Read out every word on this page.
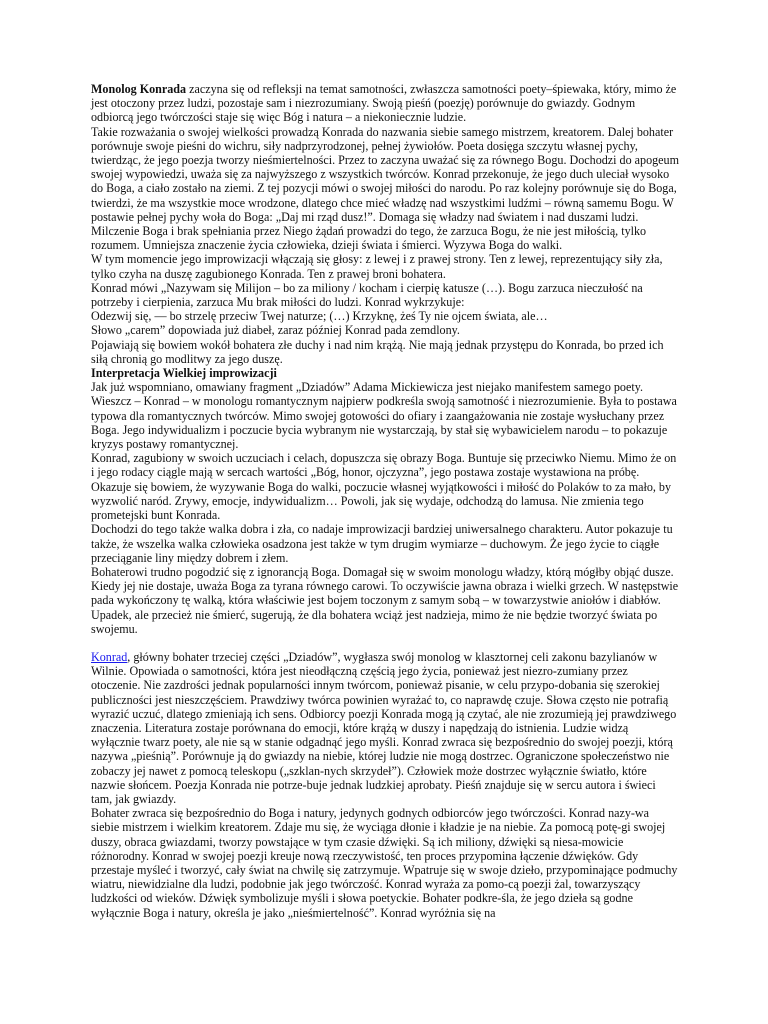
Monolog Konrada zaczyna się od refleksji na temat samotności, zwłaszcza samotności poety–śpiewaka, który, mimo że jest otoczony przez ludzi, pozostaje sam i niezrozumiany. Swoją pieśń (poezję) porównuje do gwiazdy. Godnym odbiorcą jego twórczości staje się więc Bóg i natura – a niekoniecznie ludzie.

Takie rozważania o swojej wielkości prowadzą Konrada do nazwania siebie samego mistrzem, kreatorem. Dalej bohater porównuje swoje pieśni do wichru, siły nadprzyrodzonej, pełnej żywiołów. Poeta dosięga szczytu własnej pychy, twierdząc, że jego poezja tworzy nieśmiertelności. Przez to zaczyna uważać się za równego Bogu. Dochodzi do apogeum swojej wypowiedzi, uważa się za najwyższego z wszystkich twórców. Konrad przekonuje, że jego duch uleciał wysoko do Boga, a ciało zostało na ziemi. Z tej pozycji mówi o swojej miłości do narodu. Po raz kolejny porównuje się do Boga, twierdzi, że ma wszystkie moce wrodzone, dlatego chce mieć władzę nad wszystkimi ludźmi – równą samemu Bogu. W postawie pełnej pychy woła do Boga: „Daj mi rząd dusz!”. Domaga się władzy nad światem i nad duszami ludzi. Milczenie Boga i brak spełniania przez Niego żądań prowadzi do tego, że zarzuca Bogu, że nie jest miłością, tylko rozumem. Umniejsza znaczenie życia człowieka, dzieji świata i śmierci. Wyzywa Boga do walki.

W tym momencie jego improwizacji włączają się głosy: z lewej i z prawej strony. Ten z lewej, reprezentujący siły zła, tylko czyha na duszę zagubionego Konrada. Ten z prawej broni bohatera.

Konrad mówi „Nazywam się Milijon – bo za miliony / kocham i cierpię katusze (…). Bogu zarzuca nieczułość na potrzeby i cierpienia, zarzuca Mu brak miłości do ludzi. Konrad wykrzykuje:

Odezwij się, — bo strzelę przeciw Twej naturze; (…) Krzyknę, żeś Ty nie ojcem świata, ale…

Słowo „carem” dopowiada już diabeł, zaraz później Konrad pada zemdlony.

Pojawiają się bowiem wokół bohatera złe duchy i nad nim krążą. Nie mają jednak przystępu do Konrada, bo przed ich siłą chronią go modlitwy za jego duszę.

Interpretacja Wielkiej improwizacji

Jak już wspomniano, omawiany fragment „Dziadów” Adama Mickiewicza jest niejako manifestem samego poety. Wieszcz – Konrad – w monologu romantycznym najpierw podkreśla swoją samotność i niezrozumienie. Była to postawa typowa dla romantycznych twórców. Mimo swojej gotowości do ofiary i zaangażowania nie zostaje wysłuchany przez Boga. Jego indywidualizm i poczucie bycia wybranym nie wystarczają, by stał się wybawicielem narodu – to pokazuje kryzys postawy romantycznej.

Konrad, zagubiony w swoich uczuciach i celach, dopuszcza się obrazy Boga. Buntuje się przeciwko Niemu. Mimo że on i jego rodacy ciągle mają w sercach wartości „Bóg, honor, ojczyzna”, jego postawa zostaje wystawiona na próbę. Okazuje się bowiem, że wyzywanie Boga do walki, poczucie własnej wyjątkowości i miłość do Polaków to za mało, by wyzwolić naród. Zrywy, emocje, indywidualizm… Powoli, jak się wydaje, odchodzą do lamusa. Nie zmienia tego prometejski bunt Konrada.

Dochodzi do tego także walka dobra i zła, co nadaje improwizacji bardziej uniwersalnego charakteru. Autor pokazuje tu także, że wszelka walka człowieka osadzona jest także w tym drugim wymiarze – duchowym. Że jego życie to ciągłe przeciąganie liny między dobrem i złem.

Bohaterowi trudno pogodzić się z ignorancją Boga. Domagał się w swoim monologu władzy, którą mógłby objąć dusze. Kiedy jej nie dostaje, uważa Boga za tyrana równego carowi. To oczywiście jawna obraza i wielki grzech. W następstwie pada wykończony tę walką, która właściwie jest bojem toczonym z samym sobą – w towarzystwie aniołów i diabłów. Upadek, ale przecież nie śmierć, sugerują, że dla bohatera wciąż jest nadzieja, mimo że nie będzie tworzyć świata po swojemu.

Konrad, główny bohater trzeciej części „Dziadów”, wygłasza swój monolog w klasztornej celi zakonu bazylianów w Wilnie. Opowiada o samotności, która jest nieodłączną częścią jego życia, ponieważ jest niezro-zumiany przez otoczenie. Nie zazdrości jednak popularności innym twórcom, ponieważ pisanie, w celu przypo-dobania się szerokiej publiczności jest nieszczęściem. Prawdziwy twórca powinien wyrażać to, co naprawdę czuje. Słowa często nie potrafią wyrazić uczuć, dlatego zmieniają ich sens. Odbiorcy poezji Konrada mogą ją czytać, ale nie zrozumieją jej prawdziwego znaczenia. Literatura zostaje porównana do emocji, które krążą w duszy i napędzają do istnienia. Ludzie widzą wyłącznie twarz poety, ale nie są w stanie odgadnąć jego myśli. Konrad zwraca się bezpośrednio do swojej poezji, którą nazywa „pieśnią”. Porównuje ją do gwiazdy na niebie, której ludzie nie mogą dostrzec. Ograniczone społeczeństwo nie zobaczy jej nawet z pomocą teleskopu („szklan-nych skrzydeł”). Człowiek może dostrzec wyłącznie światło, które nazwie słońcem. Poezja Konrada nie potrze-buje jednak ludzkiej aprobaty. Pieśń znajduje się w sercu autora i świeci tam, jak gwiazdy.

Bohater zwraca się bezpośrednio do Boga i natury, jedynych godnych odbiorców jego twórczości. Konrad nazy-wa siebie mistrzem i wielkim kreatorem. Zdaje mu się, że wyciąga dłonie i kładzie je na niebie. Za pomocą potę-gi swojej duszy, obraca gwiazdami, tworzy powstające w tym czasie dźwięki. Są ich miliony, dźwięki są niesa-mowicie różnorodny. Konrad w swojej poezji kreuje nową rzeczywistość, ten proces przypomina łączenie dźwięków. Gdy przestaje myśleć i tworzyć, cały świat na chwilę się zatrzymuje. Wpatruje się w swoje dzieło, przypominające podmuchy wiatru, niewidzialne dla ludzi, podobnie jak jego twórczość. Konrad wyraża za pomo-cą poezji żal, towarzyszący ludzkości od wieków. Dźwięk symbolizuje myśli i słowa poetyckie. Bohater podkre-śla, że jego dzieła są godne wyłącznie Boga i natury, określa je jako „nieśmiertelność”. Konrad wyróżnia się na
